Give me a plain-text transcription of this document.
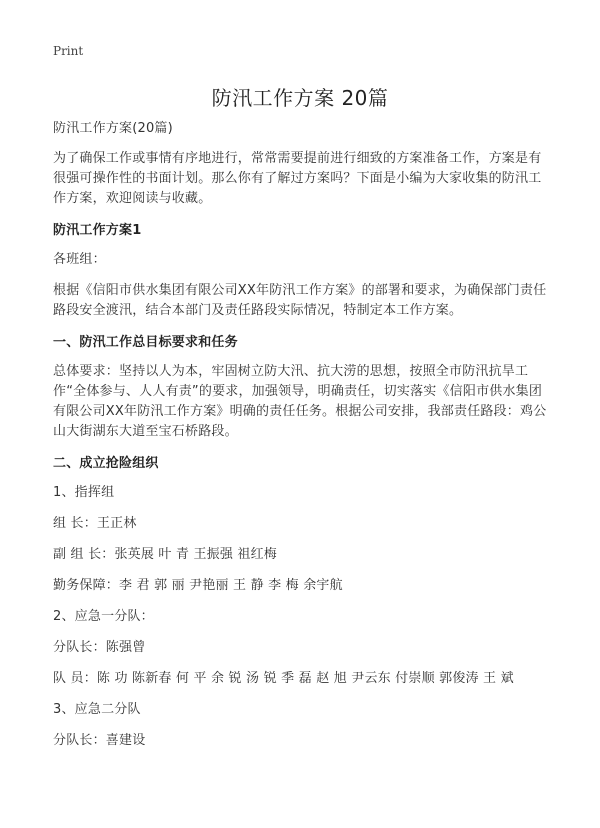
Print
防汛工作方案 20篇

防汛工作方案(20篇)

为了确保工作或事情有序地进行，常常需要提前进行细致的方案准备工作，方案是有很强可操作性的书面计划。那么你有了解过方案吗？下面是小编为大家收集的防汛工作方案，欢迎阅读与收藏。

防汛工作方案1

各班组：

根据《信阳市供水集团有限公司XX年防汛工作方案》的部署和要求，为确保部门责任路段安全渡汛，结合本部门及责任路段实际情况，特制定本工作方案。

一、防汛工作总目标要求和任务

总体要求：坚持以人为本，牢固树立防大汛、抗大涝的思想，按照全市防汛抗旱工作“全体参与、人人有责”的要求，加强领导，明确责任，切实落实《信阳市供水集团有限公司XX年防汛工作方案》明确的责任任务。根据公司安排，我部责任路段：鸡公山大街湖东大道至宝石桥路段。

二、成立抢险组织

1、指挥组

组 长：王正林

副 组 长：张英展 叶 青 王振强 祖红梅

勤务保障：李 君 郭 丽 尹艳丽 王 静 李 梅 余宇航

2、应急一分队：

分队长：陈强曾

队 员：陈 功 陈新春 何 平 余 锐 汤 锐 季 磊 赵 旭 尹云东 付崇顺 郭俊涛 王 斌

3、应急二分队

分队长：喜建设
